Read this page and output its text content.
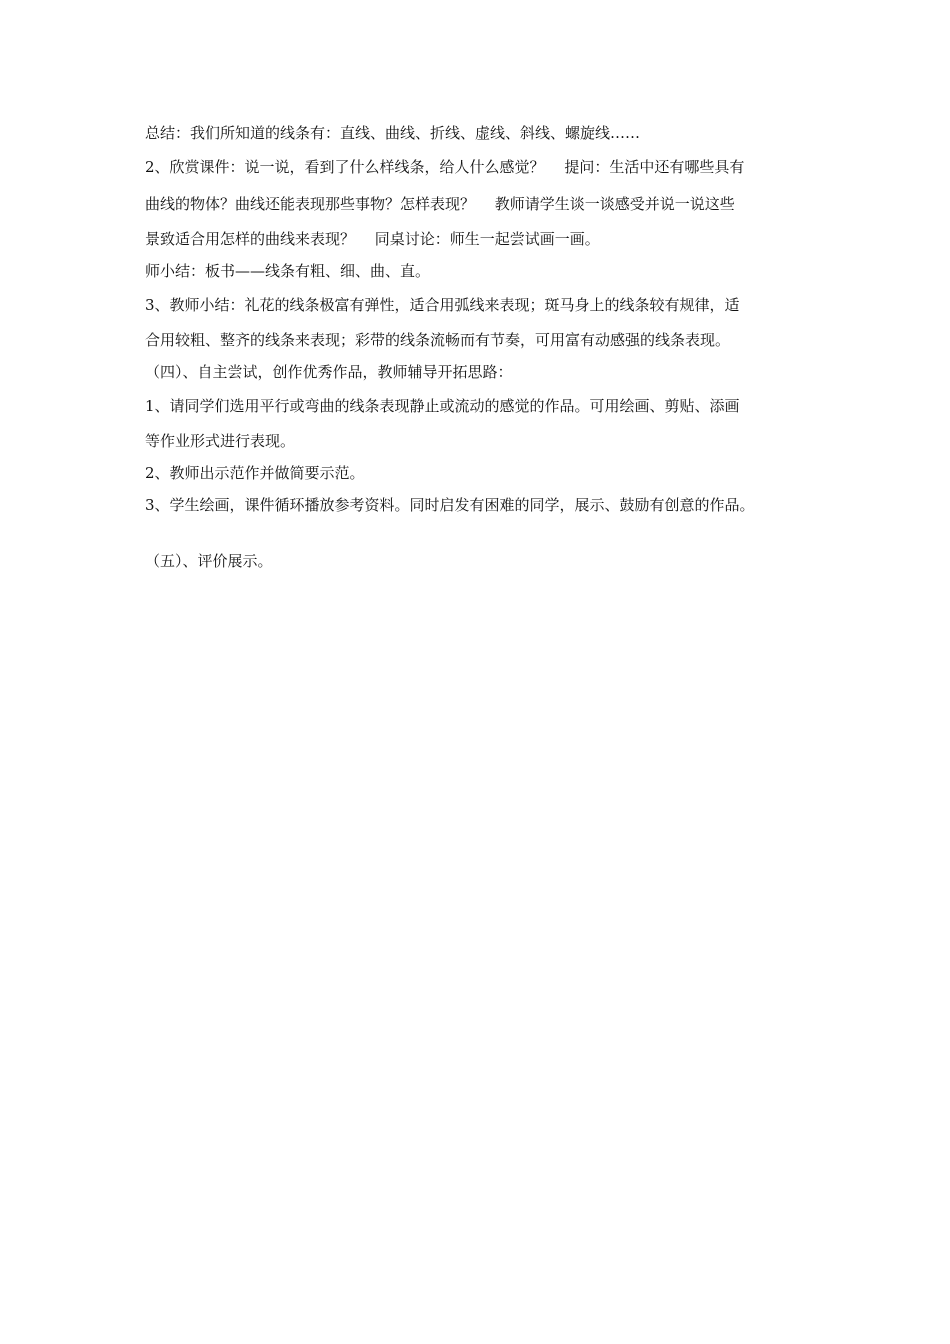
总结：我们所知道的线条有：直线、曲线、折线、虚线、斜线、螺旋线……

2、欣赏课件：说一说，看到了什么样线条，给人什么感觉？　 提问：生活中还有哪些具有

曲线的物体？曲线还能表现那些事物？怎样表现？　 教师请学生谈一谈感受并说一说这些

景致适合用怎样的曲线来表现？　 同桌讨论：师生一起尝试画一画。

师小结：板书——线条有粗、细、曲、直。

3、教师小结：礼花的线条极富有弹性，适合用弧线来表现；斑马身上的线条较有规律，适

合用较粗、整齐的线条来表现；彩带的线条流畅而有节奏，可用富有动感强的线条表现。

（四）、自主尝试，创作优秀作品，教师辅导开拓思路：

1、请同学们选用平行或弯曲的线条表现静止或流动的感觉的作品。可用绘画、剪贴、添画

等作业形式进行表现。

2、教师出示范作并做简要示范。

3、学生绘画，课件循环播放参考资料。同时启发有困难的同学，展示、鼓励有创意的作品。

（五）、评价展示。
